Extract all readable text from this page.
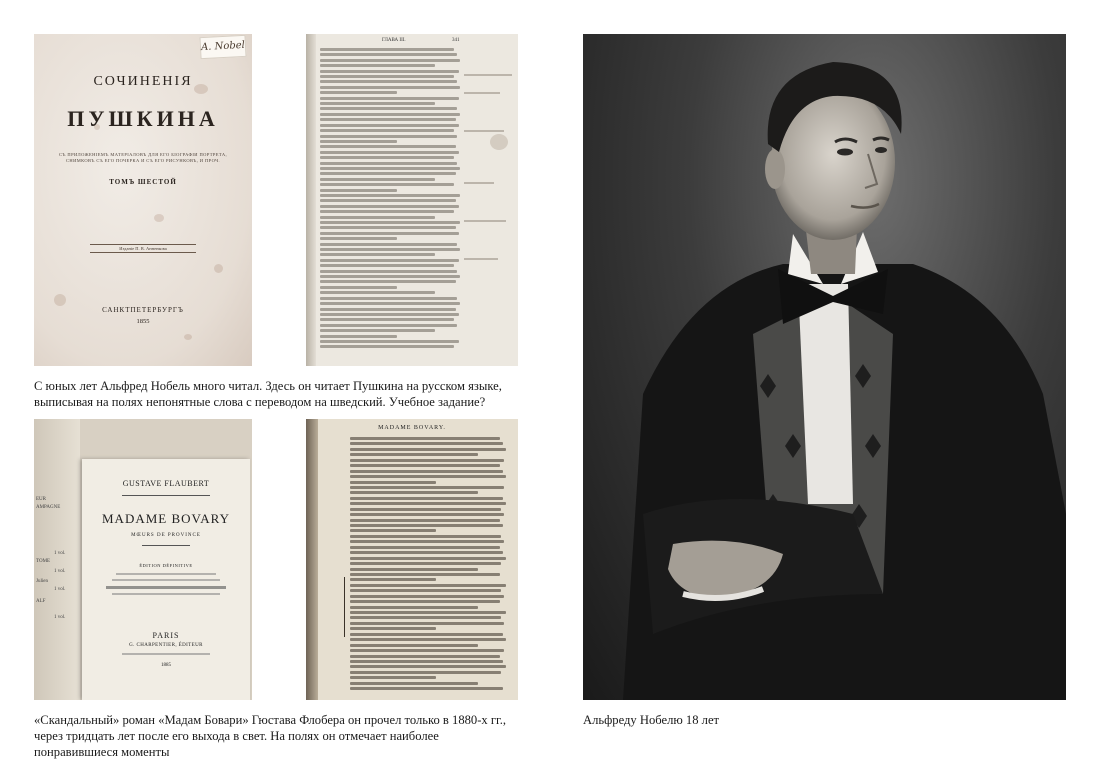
A. Nobel
СОЧИНЕНІЯ
ПУШКИНА
СЪ ПРИЛОЖЕНІЕМЪ МАТЕРІАЛОВЪ ДЛЯ ЕГО БІОГРАФІИ ПОРТРЕТА, СНИМКОВЪ СЪ ЕГО ПОЧЕРКА И СЪ ЕГО РИСУНКОВЪ, И ПРОЧ.
ТОМЪ ШЕСТОЙ
Изданіе П. В. Анненкова
САНКТПЕТЕРБУРГЪ
1855
ГЛАВА III.	341
С юных лет Альфред Нобель много читал. Здесь он читает Пушкина на русском языке, выписывая на полях непонятные слова с переводом на шведский. Учебное задание?
EUR
AMPAGNE
1 vol.
TOME
1 vol.
Julien
1 vol.
ALF
1 vol.
GUSTAVE FLAUBERT
MADAME BOVARY
MŒURS DE PROVINCE
ÉDITION DÉFINITIVE
PARIS
G. CHARPENTIER, ÉDITEUR
1885
MADAME BOVARY.
«Скандальный» роман «Мадам Бовари» Гюстава Флобера он прочел только в 1880-х гг., через тридцать лет после его выхода в свет. На полях он отмечает наиболее понравившиеся моменты
Альфреду Нобелю 18 лет
